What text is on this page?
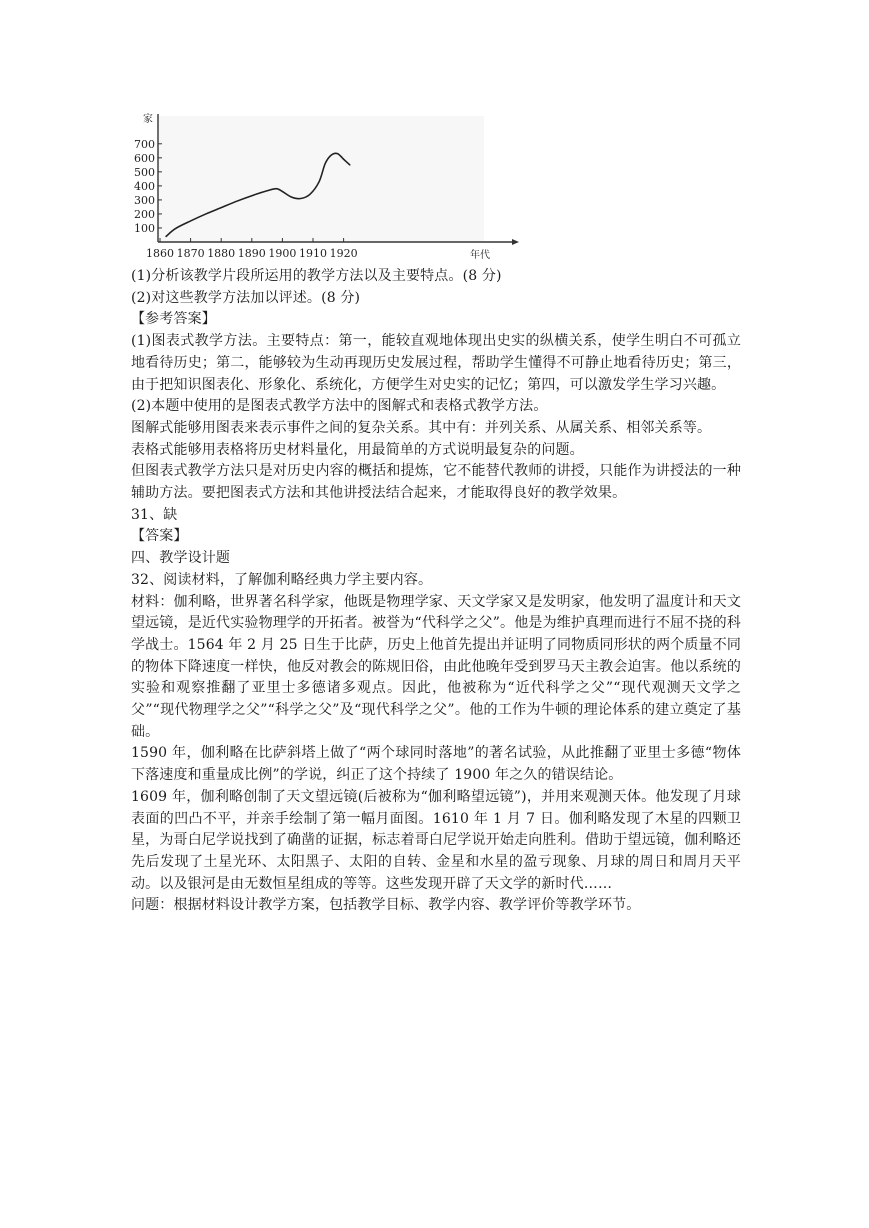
100
200
300
400
500
600
700
1860 1870 1880 1890 1900 1910 1920
家
年代

(1)分析该教学片段所运用的教学方法以及主要特点。(8 分)

(2)对这些教学方法加以评述。(8 分)

【参考答案】

(1)图表式教学方法。主要特点：第一，能较直观地体现出史实的纵横关系，使学生明白不可孤立地看待历史；第二，能够较为生动再现历史发展过程，帮助学生懂得不可静止地看待历史；第三，由于把知识图表化、形象化、系统化，方便学生对史实的记忆；第四，可以激发学生学习兴趣。

(2)本题中使用的是图表式教学方法中的图解式和表格式教学方法。

图解式能够用图表来表示事件之间的复杂关系。其中有：并列关系、从属关系、相邻关系等。

表格式能够用表格将历史材料量化，用最简单的方式说明最复杂的问题。

但图表式教学方法只是对历史内容的概括和提炼，它不能替代教师的讲授，只能作为讲授法的一种辅助方法。要把图表式方法和其他讲授法结合起来，才能取得良好的教学效果。

31、缺

【答案】

四、教学设计题

32、阅读材料，了解伽利略经典力学主要内容。

材料：伽利略，世界著名科学家，他既是物理学家、天文学家又是发明家，他发明了温度计和天文望远镜，是近代实验物理学的开拓者。被誉为“代科学之父”。他是为维护真理而进行不屈不挠的科学战士。1564 年 2 月 25 日生于比萨，历史上他首先提出并证明了同物质同形状的两个质量不同的物体下降速度一样快，他反对教会的陈规旧俗，由此他晚年受到罗马天主教会迫害。他以系统的实验和观察推翻了亚里士多德诸多观点。因此，他被称为“近代科学之父”“现代观测天文学之父”“现代物理学之父”“科学之父”及“现代科学之父”。他的工作为牛顿的理论体系的建立奠定了基础。

1590 年，伽利略在比萨斜塔上做了“两个球同时落地”的著名试验，从此推翻了亚里士多德“物体下落速度和重量成比例”的学说，纠正了这个持续了 1900 年之久的错误结论。

1609 年，伽利略创制了天文望远镜(后被称为“伽利略望远镜”)，并用来观测天体。他发现了月球表面的凹凸不平，并亲手绘制了第一幅月面图。1610 年 1 月 7 日。伽利略发现了木星的四颗卫星，为哥白尼学说找到了确凿的证据，标志着哥白尼学说开始走向胜利。借助于望远镜，伽利略还先后发现了土星光环、太阳黑子、太阳的自转、金星和水星的盈亏现象、月球的周日和周月天平动。以及银河是由无数恒星组成的等等。这些发现开辟了天文学的新时代……

问题：根据材料设计教学方案，包括教学目标、教学内容、教学评价等教学环节。
